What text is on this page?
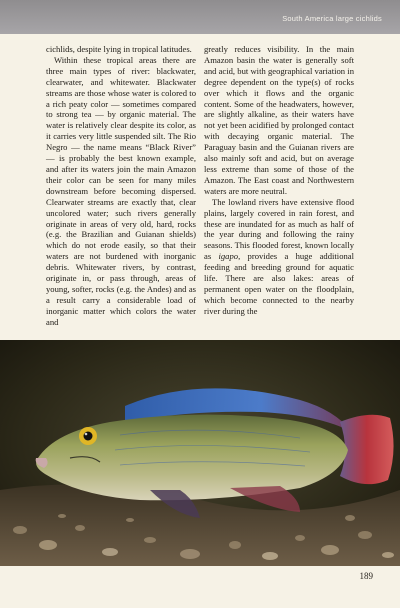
South America large cichlids

cichlids, despite lying in tropical latitudes.

Within these tropical areas there are three main types of river: blackwater, clearwater, and whitewater. Blackwater streams are those whose water is colored to a rich peaty color — sometimes compared to strong tea — by organic material. The water is relatively clear despite its color, as it carries very little suspended silt. The Rio Negro — the name means “Black River” — is probably the best known example, and after its waters join the main Amazon their color can be seen for many miles downstream before becoming dispersed. Clearwater streams are exactly that, clear uncolored water; such rivers generally originate in areas of very old, hard, rocks (e.g. the Brazilian and Guianan shields) which do not erode easily, so that their waters are not burdened with inorganic debris. Whitewater rivers, by contrast, originate in, or pass through, areas of young, softer, rocks (e.g. the Andes) and as a result carry a considerable load of inorganic matter which colors the water and

greatly reduces visibility. In the main Amazon basin the water is generally soft and acid, but with geographical variation in degree dependent on the type(s) of rocks over which it flows and the organic content. Some of the headwaters, however, are slightly alkaline, as their waters have not yet been acidified by prolonged contact with decaying organic material. The Paraguay basin and the Guianan rivers are also mainly soft and acid, but on average less extreme than some of those of the Amazon. The East coast and Northwestern waters are more neutral.

The lowland rivers have extensive flood plains, largely covered in rain forest, and these are inundated for as much as half of the year during and following the rainy seasons. This flooded forest, known locally as igapo, provides a huge additional feeding and breeding ground for aquatic life. There are also lakes: areas of permanent open water on the floodplain, which become connected to the nearby river during the

189
